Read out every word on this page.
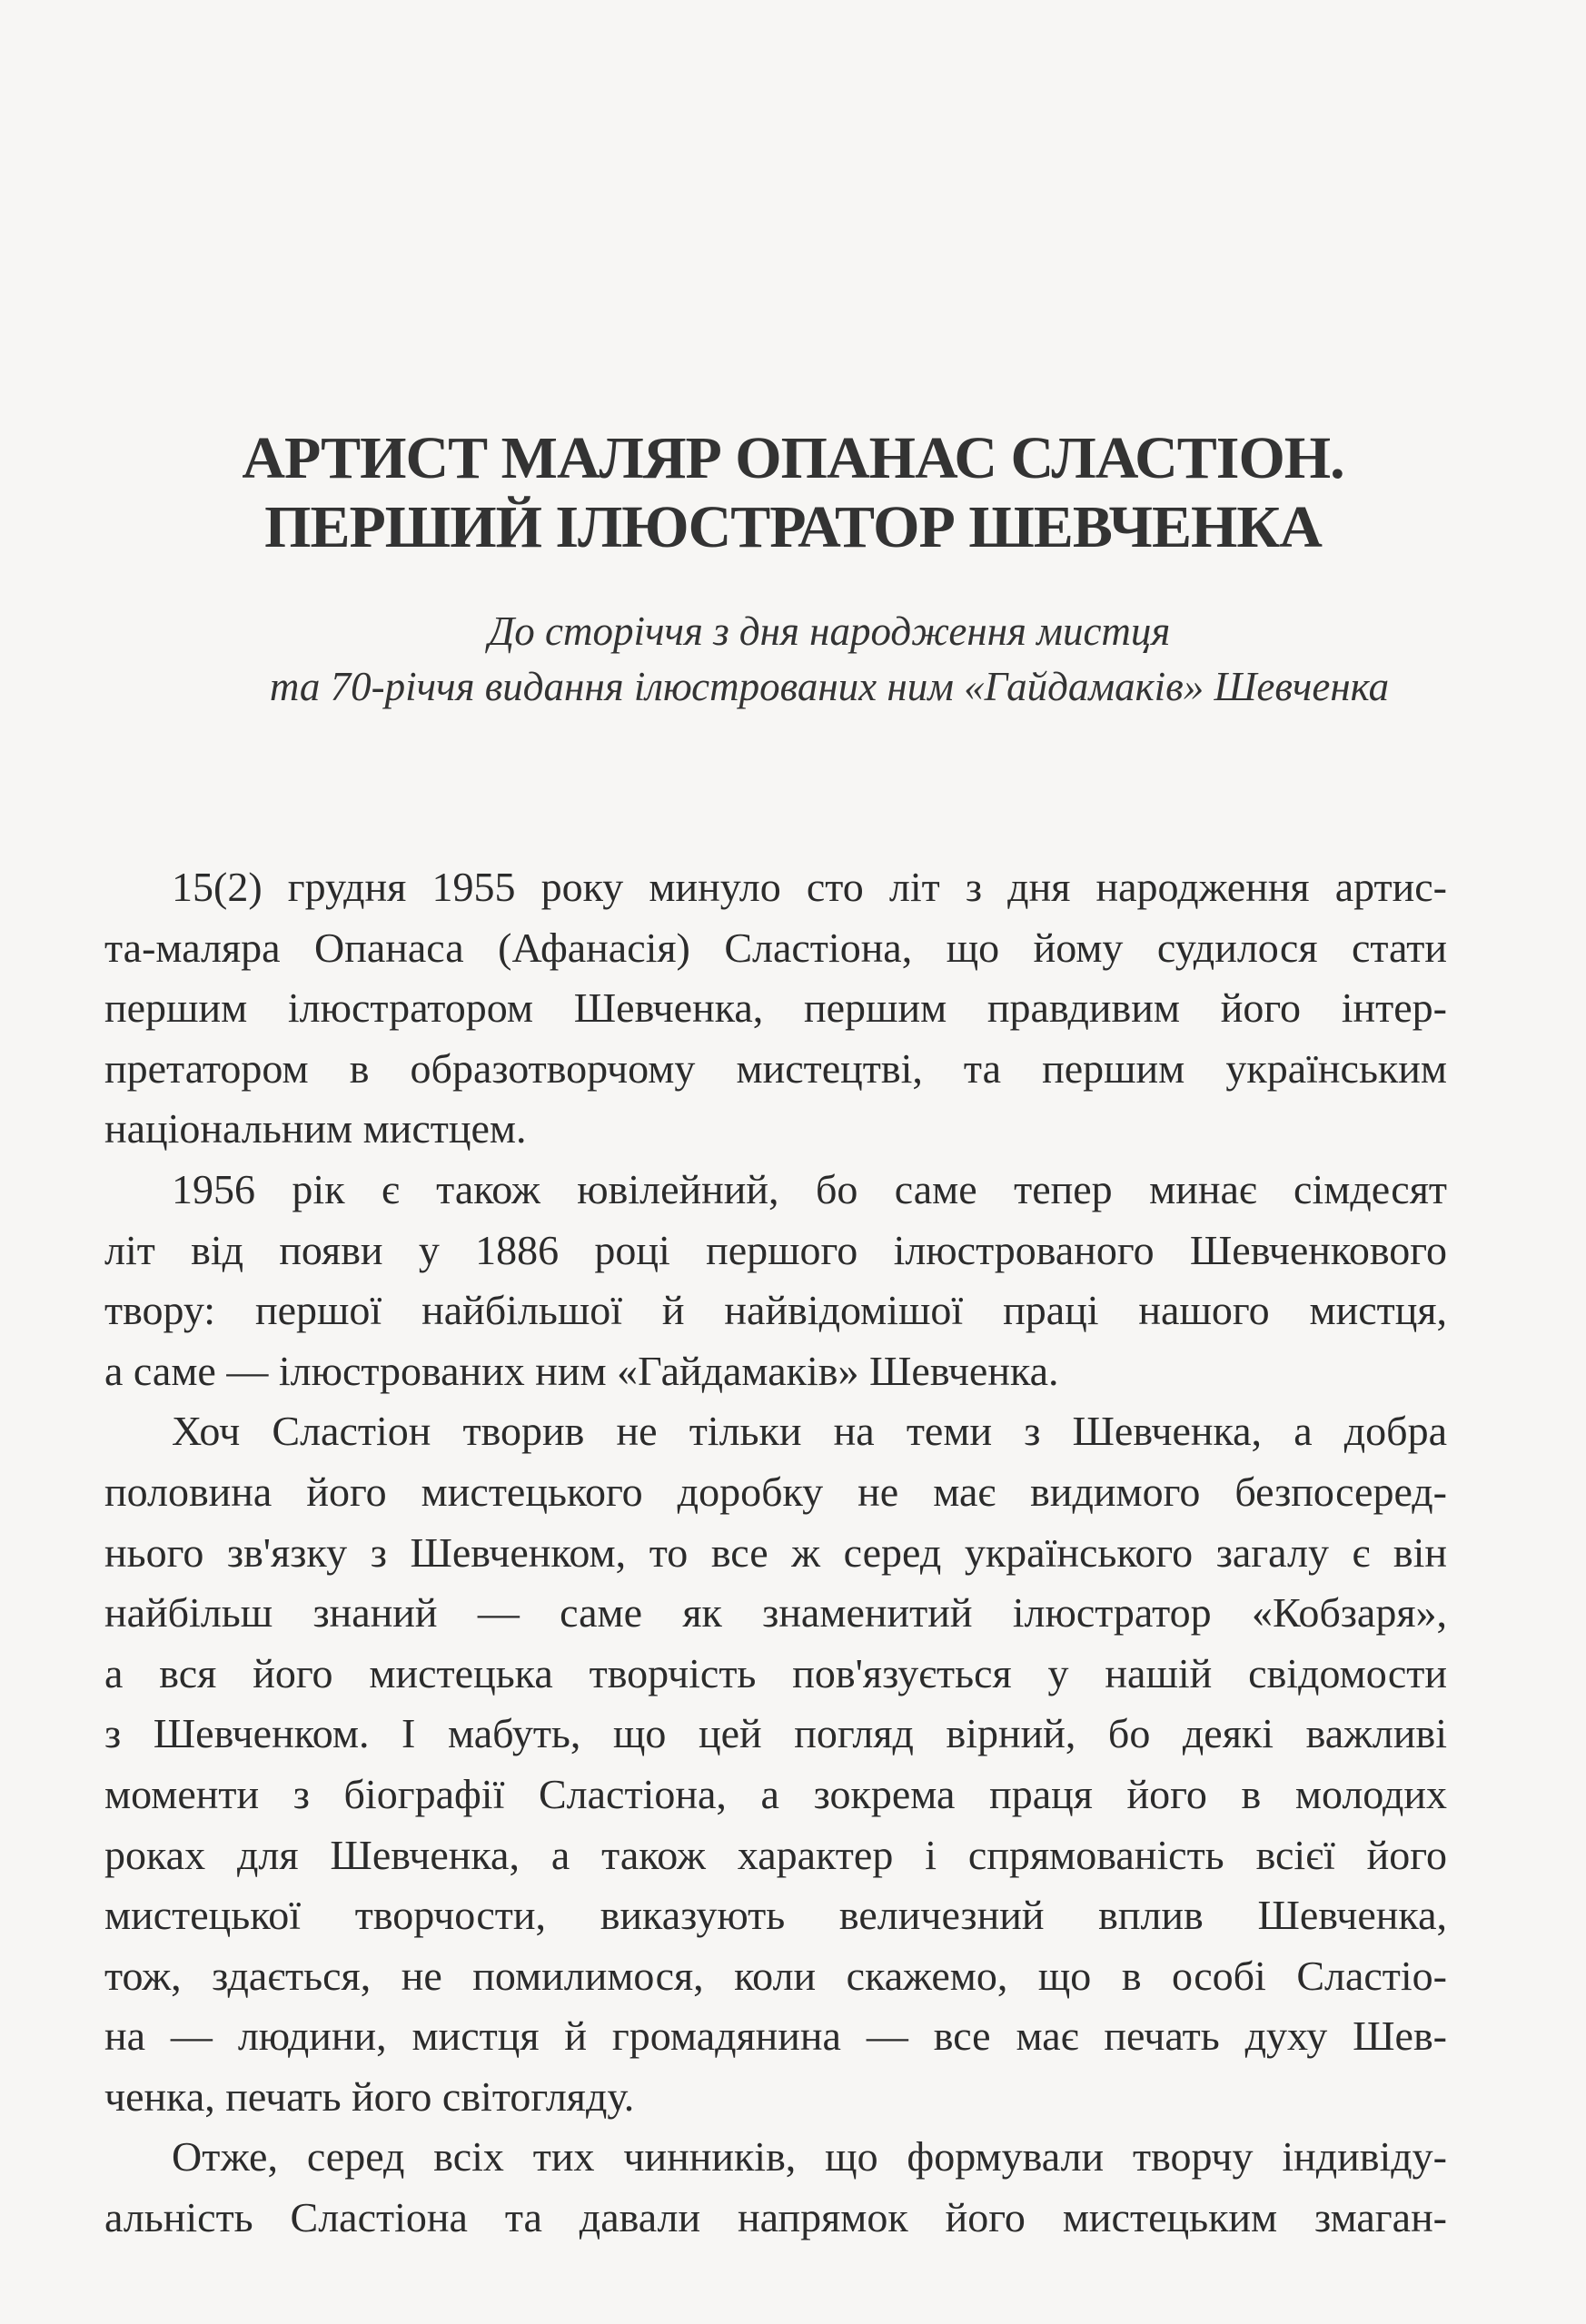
АРТИСТ МАЛЯР ОПАНАС СЛАСТІОН.
ПЕРШИЙ ІЛЮСТРАТОР ШЕВЧЕНКА
До сторіччя з дня народження мистця
та 70-річчя видання ілюстрованих ним «Гайдамаків» Шевченка

15(2) грудня 1955 року минуло сто літ з дня народження артис-
та-маляра Опанаса (Афанасія) Сластіона, що йому судилося стати
першим ілюстратором Шевченка, першим правдивим його інтер-
претатором в образотворчому мистецтві, та першим українським
національним мистцем.

1956 рік є також ювілейний, бо саме тепер минає сімдесят
літ від появи у 1886 році першого ілюстрованого Шевченкового
твору: першої найбільшої й найвідомішої праці нашого мистця,
а саме — ілюстрованих ним «Гайдамаків» Шевченка.

Хоч Сластіон творив не тільки на теми з Шевченка, а добра
половина його мистецького доробку не має видимого безпосеред-
нього зв'язку з Шевченком, то все ж серед українського загалу є він
найбільш знаний — саме як знаменитий ілюстратор «Кобзаря»,
а вся його мистецька творчість пов'язується у нашій свідомости
з Шевченком. І мабуть, що цей погляд вірний, бо деякі важливі
моменти з біографії Сластіона, а зокрема праця його в молодих
роках для Шевченка, а також характер і спрямованість всієї його
мистецької творчости, виказують величезний вплив Шевченка,
тож, здається, не помилимося, коли скажемо, що в особі Сластіо-
на — людини, мистця й громадянина — все має печать духу Шев-
ченка, печать його світогляду.

Отже, серед всіх тих чинників, що формували творчу індивіду-
альність Сластіона та давали напрямок його мистецьким змаган-
